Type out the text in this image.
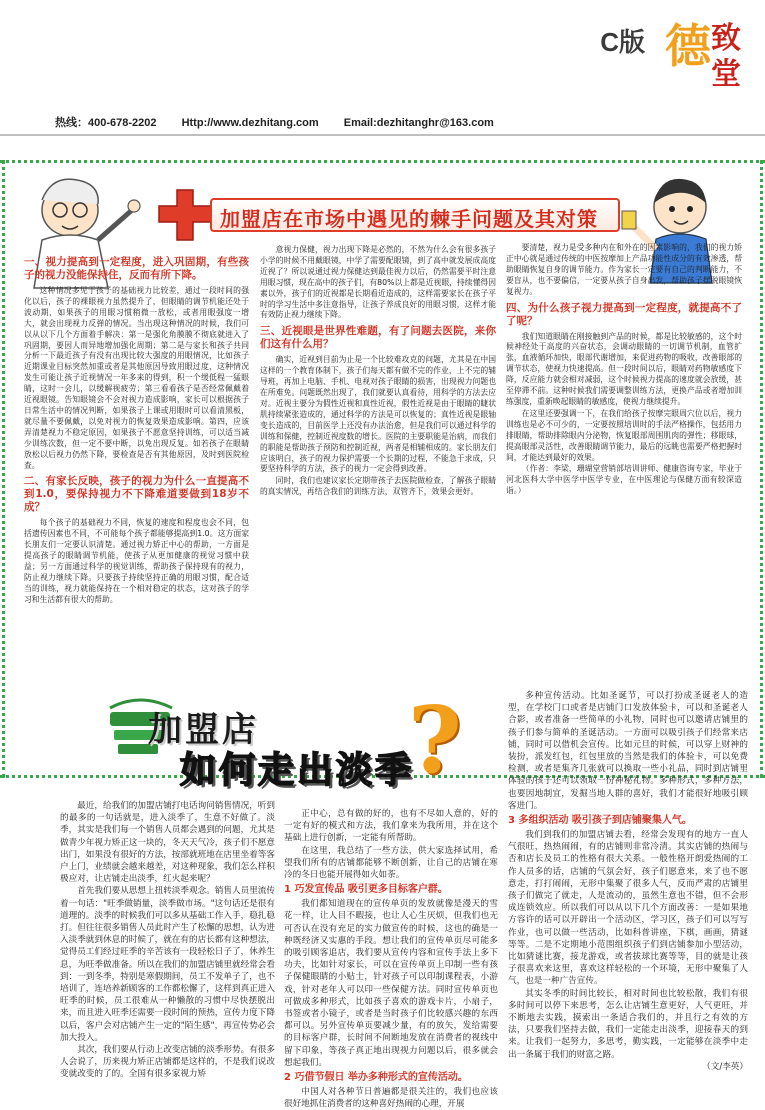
C版 德 致
堂
热线：400-678-2202 Http://www.dezhitang.com Email:dezhitanghr@163.com
加盟店在市场中遇见的棘手问题及其对策
一、视力提高到一定程度，进入巩固期，有些孩子的视力没能保持住，反而有所下降。

这种情况多见于孩子的基础视力比较差，通过一段时间的强化以后，孩子的裸眼视力虽然提升了，但眼睛的调节机能还处于波动期，如果孩子的用眼习惯稍微一放松，或者用眼强度一增大，就会出现视力反弹的情况。当出现这种情况的时候，我们可以从以下几个方面着手解决：第一是强化角膜膜不彻底就进入了巩固期，要因人而异地增加强化周期；第二是与家长和孩子共同分析一下最近孩子有没有出现比较大强度的用眼情况，比如孩子近期课业目标突然加重或者是其他原因导致用眼过度，这种情况发生可能让孩子近视情况一年多来的得到，积一个缓低程一猛眼睛，这时一会儿，以缓解视疲劳；第三看看孩子是否经常佩戴着近视眼镜。告知眼镜会不会对视力造成影响，家长可以根据孩子日常生活中的情况判断，如果孩子上课或用眼时可以看清黑板，就尽量不要佩戴，以免对视力的恢复效果造成影响。第四，应该弄清楚视力不稳定原因，如果孩子不愿意坚持训练，可以适当减少训练次数，但一定不要中断，以免出现反复。如若孩子在眼睛放松以后视力仍然下降，要检查是否有其他原因，及时到医院检查。

二、有家长反映，孩子的视力为什么一直提高不到1.0，要保持视力不下降难道要做到18岁不成？

每个孩子的基础视力不同，恢复的速度和程度也会不同，包括遗传因素也不同，不可能每个孩子都能够提高到1.0。这方面家长朋友们一定要认识清楚。通过视力矫正中心的帮助，一方面是提高孩子的眼睛调节机能，使孩子从更加健康的视觉习惯中获益；另一方面通过科学的视觉训练，帮助孩子保持现有的视力，防止视力继续下降。只要孩子持续坚持正确的用眼习惯，配合适当的训练，视力就能保持在一个相对稳定的状态，这对孩子的学习和生活都有很大的帮助。

意视力保健，视力出现下降是必然的，不然为什么会有很多孩子小学的时候不用戴眼镜，中学了需要配眼镜，到了高中就发展成高度近视了？所以说通过视力保健达到最佳视力以后，仍然需要平时注意用眼习惯，现在高中的孩子们，有80%以上都是近视眼，持续懂得因素以外，孩子们的近视都是长期看近造成的，这样需要家长在孩子平时的学习生活中多注意指导，让孩子养成良好的用眼习惯，这样才能有效防止视力继续下降。

三、近视眼是世界性难题，有了问题去医院，来你们这有什么用？

确实，近视到目前为止是一个比较难攻克的问题，尤其是在中国这样的一个教育体制下，孩子们每天都有做不完的作业，上不完的辅导班，再加上电脑、手机、电视对孩子眼睛的损害，出现视力问题也在所难免。问题既然出现了，我们就要认真看待，用科学的方法去应对。近视主要分为假性近视和真性近视，假性近视是由于眼睛的睫状肌持续紧张造成的，通过科学的方法是可以恢复的；真性近视是眼轴变长造成的，目前医学上还没有办法治愈，但是我们可以通过科学的训练和保健，控制近视度数的增长。医院的主要职能是治病，而我们的职能是帮助孩子预防和控制近视，两者是相辅相成的。家长朋友们应该明白，孩子的视力保护需要一个长期的过程，不能急于求成，只要坚持科学的方法，孩子的视力一定会得到改善。

同时，我们也建议家长定期带孩子去医院做检查，了解孩子眼睛的真实情况，再结合我们的训练方法，双管齐下，效果会更好。

要清楚，视力是受多种内在和外在的因素影响的，我们的视力矫正中心就是通过传统的中医按摩加上产品功能性成分的有效渗透，帮助眼睛恢复自身的调节能力。作为家长一定要有自己的判断能力，不要盲从，也不要偏信，一定要从孩子自身出发，帮助孩子摆脱眼镜恢复视力。

四、为什么孩子视力提高到一定程度，就提高不了了呢？

我们知道眼睛在刚接触到产品的时候，都是比较敏感的，这个时候神经处于高度的兴奋状态，会调动眼睛的一切调节机制，血管扩张，血液循环加快，眼部代谢增加，来促进药物的吸收，改善眼部的调节状态，使视力快速提高。但一段时间以后，眼睛对药物敏感度下降，反应能力就会相对减弱，这个时候视力提高的速度就会放缓，甚至停滞不前。这种时候我们需要调整训练方法，更换产品或者增加训练强度，重新唤起眼睛的敏感度，使视力继续提升。

在这里还要强调一下，在我们给孩子按摩完眼周穴位以后，视力训练也是必不可少的，一定要按照培训时的手法严格操作，包括用力排眼睛，帮助排除眼内分泌物，恢复眼部周围肌肉的弹性；移眼球，提高眼部灵活性，改善眼睛调节能力，最后的远眺也需要严格把握时间，才能达到最好的效果。

（作者：李梁，珊瑚堂营销部培训讲师、健康咨询专家，毕业于河北医科大学中医学中医学专业，在中医理论与保健方面有较深造诣。）

加盟店
如何走出淡季
?

最近，给我们的加盟店铺打电话询问销售情况，听到的最多的一句话就是，进入淡季了，生意不好做了。淡季，其实是我们每一个销售人员都会遇到的问题，尤其是做青少年视力矫正这一块的，冬天天气冷，孩子们不愿意出门，如果没有很好的方法，按部就班地在店里坐着等客户上门，业绩就会越来越差，对这种现象，我们怎么样积极应对，让店铺走出淡季，红火起来呢？

首先我们要从思想上扭转淡季观念。销售人员里流传着一句话："旺季做销量，淡季做市场。"这句话还是很有道理的。淡季的时候我们可以多从基础工作入手，稳扎稳打。但往往很多销售人员此时产生了松懈的思想，认为进入淡季就到休息的时候了，就在有的店长都有这种想法，觉得员工们经过旺季的辛苦该有一段轻松日子了，休养生息，为旺季做准备。所以在我们的加盟店铺里就经常会看到：一到冬季，特别是寒假期间，员工不发单子了，也不培训了，连培养新顾客的工作都松懈了，这样到真正进入旺季的时候，员工很难从一种懒散的习惯中尽快摆脱出来，而且进入旺季还需要一段时间的预热，宣传力度下降以后，客户会对店铺产生一定的"陌生感"，再宣传势必会加大投入。

其次，我们要从行动上改变店铺的淡季形势。有很多人会说了，历来视力矫正店铺都是这样的，不是我们说改变就改变的了的。全国有很多家视力矫

正中心，总有做的好的，也有不尽如人意的，好的一定有好的模式和方法，我们拿来为我所用，并在这个基础上进行创新，一定能有所帮助。

在这里，我总结了一些方法，供大家选择试用，希望我们所有的店铺都能够不断创新，让自己的店铺在寒冷的冬日也能开展得如火如荼。

1 巧发宣传品 吸引更多目标客户群。

我们都知道现在的宣传单页的发放就像是漫天的雪花一样，让人目不暇接，也让人心生厌烦，但我们也无可否认在没有充足的实力做宣传的时候，这也的确是一种既经济又实惠的手段。想让我们的宣传单页尽可能多的吸引顾客追店，我们要从宣传内容和宣传手法上多下功夫，比如针对家长，可以在宣传单页上印制一些有孩子保健眼睛的小贴士，针对孩子可以印制课程表，小游戏，针对老年人可以印一些保健方法。同时宣传单页也可做成多种形式，比如孩子喜欢的游戏卡片，小扇子，书签或者小镜子，或者是当时孩子们比较感兴趣的东西都可以。另外宣传单页要减少量，有的放矢，发给需要的目标客户群，长时间不间断地发放在消费者的视线中留下印象，等孩子真正地出现视力问题以后，很多就会想起我们。

2 巧借节假日 举办多种形式的宣传活动。

中国人对各种节日普遍都是很关注的，我们也应该很好地抓住消费者的这种喜好热闹的心理，开展

多种宣传活动。比如圣诞节，可以打扮成圣诞老人的造型，在学校门口或者是店铺门口发放体验卡，可以和圣诞老人合影，或者准备一些简单的小礼物，同时也可以邀请店铺里的孩子们参与简单的圣诞活动。一方面可以吸引孩子们经常来店铺，同时可以借机会宣传。比如元旦的时候，可以穿上财神的装扮，派发红包，红包里放的当然是我们的体验卡，可以免费检测，或者是集齐几张就可以换取一些小礼品，同时到店铺里体验的孩子还可以领取一份神秘礼物。多种形式，多种方法，也要因地制宜，发掘当地人群的喜好，我们才能很好地吸引顾客进门。

3 多组织活动 吸引孩子到店铺聚集人气。

我们到我们的加盟店铺去看，经常会发现有的地方一直人气很旺，热热闹闹，有的店铺则非常冷清。其实店铺的热闹与否和店长及员工的性格有很大关系。一般性格开朗爱热闹的工作人员多的话，店铺的气氛会好，孩子们愿意来，来了也不愿意走，打打闹闹，无形中集聚了很多人气，反而严肃的店铺里孩子们做完了就走，人是流动的，虽然生意也不错，但不会形成连锁效应。所以我们可以从以下几个方面改善：一是如果地方容许的话可以开辟出一个活动区，学习区，孩子们可以写写作业，也可以做一些活动，比如科普讲座，下棋，画画，猜谜等等。二是不定期地小范围组织孩子们到店铺参加小型活动，比如猜谜比赛，接龙游戏，或者拔球比赛等等，目的就是让孩子很喜欢来这里，喜欢这样轻松的一个环境，无形中聚集了人气，也是一种广告宣传。

其实冬季的时间比较长，相对时间也比较松散，我们有很多时间可以停下来思考，怎么让店铺生意更好，人气更旺，并不断地去实践，摸索出一条适合我们的，并且行之有效的方法，只要我们坚持去做，我们一定能走出淡季，迎接春天的到来。让我们一起努力，多思考，勤实践，一定能够在淡季中走出一条属于我们的财富之路。

（文/李英）
